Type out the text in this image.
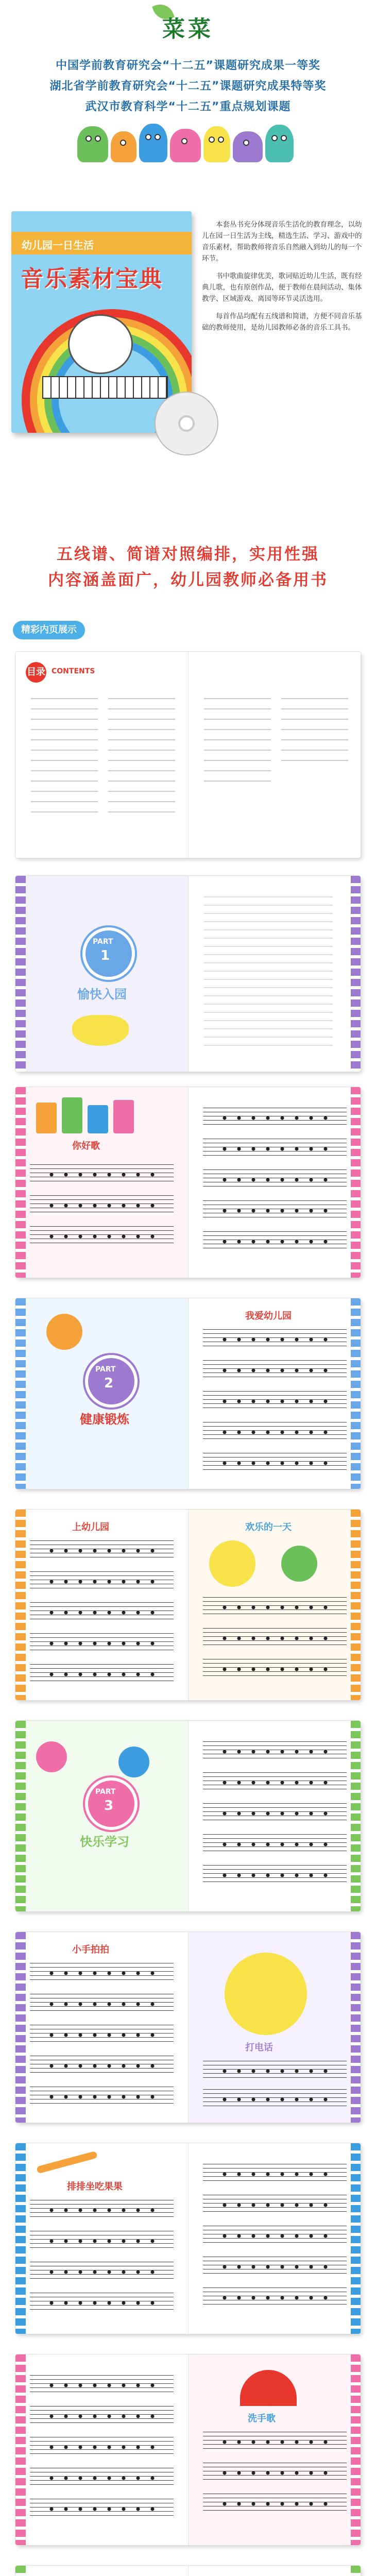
菜菜
中国学前教育研究会“十二五”课题研究成果一等奖
湖北省学前教育研究会“十二五”课题研究成果特等奖
武汉市教育科学“十二五”重点规划课题
幼儿园一日生活
音乐素材宝典

本套丛书充分体现音乐生活化的教育理念，以幼儿在园一日生活为主线，精选生活、学习、游戏中的音乐素材，帮助教师将音乐自然融入到幼儿的每一个环节。

书中歌曲旋律优美，歌词贴近幼儿生活，既有经典儿歌，也有原创作品，便于教师在晨间活动、集体教学、区域游戏、离园等环节灵活选用。

每首作品均配有五线谱和简谱，方便不同音乐基础的教师使用，是幼儿园教师必备的音乐工具书。

五线谱、简谱对照编排，实用性强
内容涵盖面广，幼儿园教师必备用书
精彩内页展示
目录 CONTENTS
PART
1
愉快入园
你好歌
PART
2
健康锻炼
我爱幼儿园
上幼儿园	欢乐的一天
PART
3
快乐学习
小手拍拍
打电话
排排坐吃果果
洗手歌
